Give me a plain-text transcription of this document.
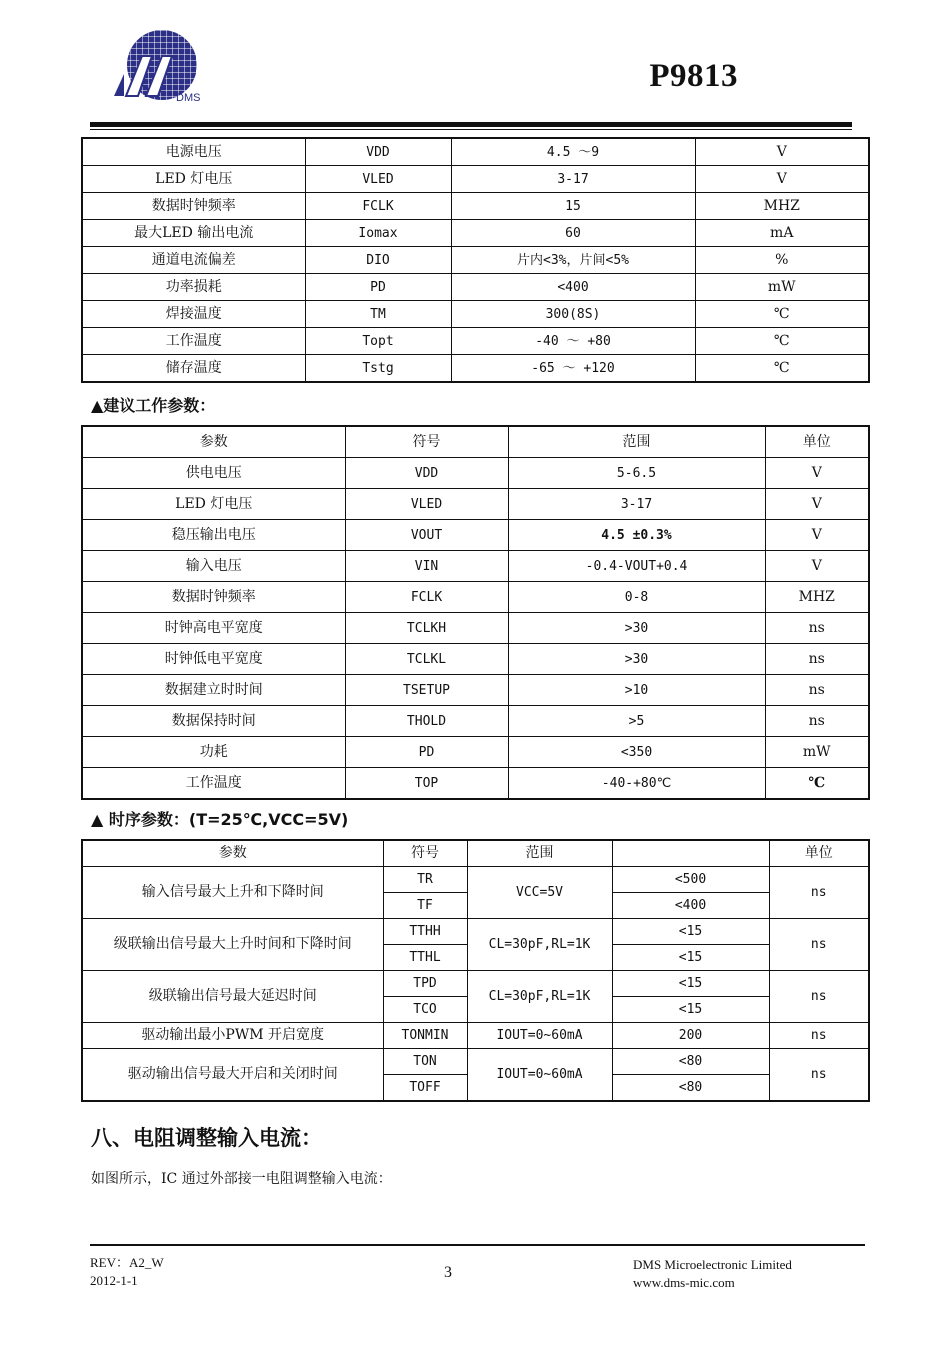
DMS
P9813
电源电压	VDD	4.5 ～9	V
LED 灯电压	VLED	3-17	V
数据时钟频率	FCLK	15	MHZ
最大LED 输出电流	Iomax	60	mA
通道电流偏差	DIO	片内<3%，片间<5%	%
功率损耗	PD	<400	mW
焊接温度	TM	300(8S)	℃
工作温度	Topt	-40 ～ +80	℃
储存温度	Tstg	-65 ～ +120	℃
▲建议工作参数：
参数	符号	范围	单位
供电电压	VDD	5-6.5	V
LED 灯电压	VLED	3-17	V
稳压输出电压	VOUT	4.5 ±0.3%	V
输入电压	VIN	-0.4-VOUT+0.4	V
数据时钟频率	FCLK	0-8	MHZ
时钟高电平宽度	TCLKH	>30	ns
时钟低电平宽度	TCLKL	>30	ns
数据建立时时间	TSETUP	>10	ns
数据保持时间	THOLD	>5	ns
功耗	PD	<350	mW
工作温度	TOP	-40-+80℃	℃
▲ 时序参数：(T=25℃,VCC=5V)
参数	符号	范围		单位
输入信号最大上升和下降时间	TR	VCC=5V	<500	ns
	TF		<400	
级联输出信号最大上升时间和下降时间	TTHH	CL=30pF,RL=1K	<15	ns
	TTHL		<15	
级联输出信号最大延迟时间	TPD	CL=30pF,RL=1K	<15	ns
	TCO		<15	
驱动输出最小PWM 开启宽度	TONMIN	IOUT=0~60mA	200	ns
驱动输出信号最大开启和关闭时间	TON	IOUT=0~60mA	<80	ns
	TOFF		<80	
八、电阻调整输入电流：
如图所示，IC 通过外部接一电阻调整输入电流：
REV：A2_W
2012-1-1	3	DMS Microelectronic Limited
www.dms-mic.com
